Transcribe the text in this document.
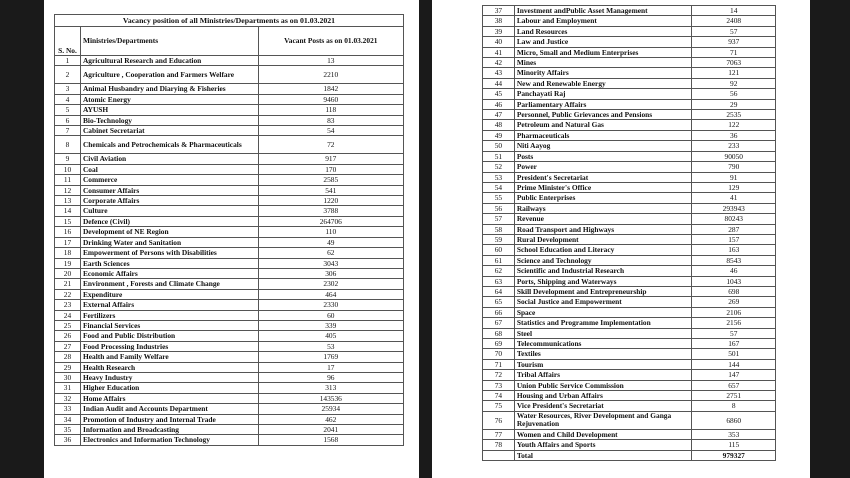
Vacancy position of all Ministries/Departments as on 01.03.2021		
S. No.	Ministries/Departments	Vacant Posts as on 01.03.2021
1	Agricultural Research and Education	13
2	Agriculture , Cooperation and Farmers Welfare	2210
3	Animal Husbandry and Diarying & Fisheries	1842
4	Atomic Energy	9460
5	AYUSH	118
6	Bio-Technology	83
7	Cabinet Secretariat	54
8	Chemicals and Petrochemicals & Pharmaceuticals	72
9	Civil Aviation	917
10	Coal	170
11	Commerce	2585
12	Consumer Affairs	541
13	Corporate Affairs	1220
14	Culture	3788
15	Defence (Civil)	264706
16	Development of NE Region	110
17	Drinking Water and Sanitation	49
18	Empowerment of Persons with Disabilities	62
19	Earth Sciences	3043
20	Economic Affairs	306
21	Environment , Forests and Climate Change	2302
22	Expenditure	464
23	External Affairs	2330
24	Fertilizers	60
25	Financial Services	339
26	Food and Public Distribution	405
27	Food Processing Industries	53
28	Health and Family Welfare	1769
29	Health Research	17
30	Heavy Industry	96
31	Higher Education	313
32	Home Affairs	143536
33	Indian Audit and Accounts Department	25934
34	Promotion of Industry and Internal Trade	462
35	Information and Broadcasting	2041
36	Electronics and Information Technology	1568
37	Investment andPublic Asset Management	14
38	Labour and Employment	2408
39	Land Resources	57
40	Law and Justice	937
41	Micro, Small and Medium Enterprises	71
42	Mines	7063
43	Minority Affairs	121
44	New and Renewable Energy	92
45	Panchayati Raj	56
46	Parliamentary Affairs	29
47	Personnel, Public Grievances and Pensions	2535
48	Petroleum and Natural Gas	122
49	Pharmaceuticals	36
50	Niti Aayog	233
51	Posts	90050
52	Power	790
53	President's Secretariat	91
54	Prime Minister's Office	129
55	Public Enterprises	41
56	Railways	293943
57	Revenue	80243
58	Road Transport and Highways	287
59	Rural Development	157
60	School Education and Literacy	163
61	Science and Technology	8543
62	Scientific and Industrial Research	46
63	Ports, Shipping and Waterways	1043
64	Skill Development and Entrepreneurship	698
65	Social Justice and Empowerment	269
66	Space	2106
67	Statistics and Programme Implementation	2156
68	Steel	57
69	Telecommunications	167
70	Textiles	501
71	Tourism	144
72	Tribal Affairs	147
73	Union Public Service Commission	657
74	Housing and Urban Affairs	2751
75	Vice President's Secretariat	8
76	Water Resources, River Development and Ganga Rejuvenation	6860
77	Women and Child Development	353
78	Youth Affairs and Sports	115
	Total	979327
